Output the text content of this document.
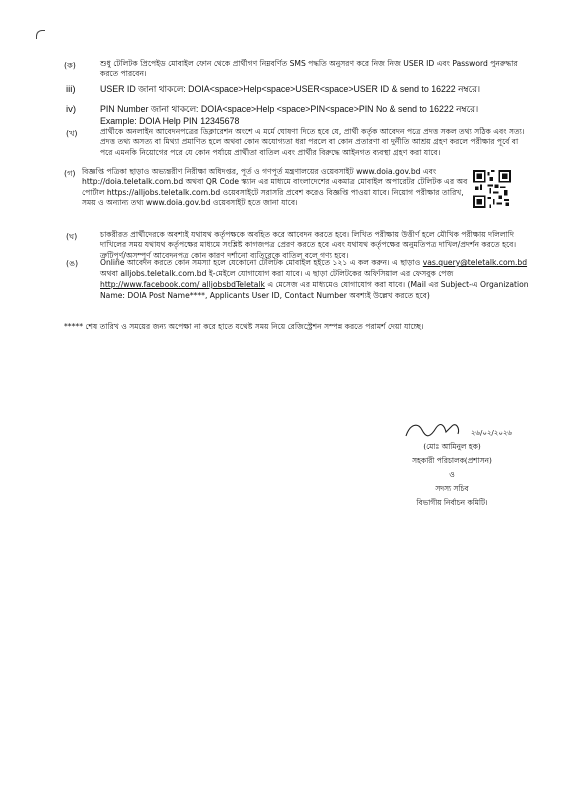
(ক)	শুধু টেলিটক প্রিপেইড মোবাইল ফোন থেকে প্রার্থীগণ নিম্নবর্ণিত SMS পদ্ধতি অনুসরণ করে নিজ নিজ USER ID এবং Password পুনরুদ্ধার করতে পারবেন।
iii)	USER ID জানা থাকলে: DOIA<space>Help<space>USER<space>USER ID & send to 16222 নম্বরে।
iv)	PIN Number জানা থাকলে: DOIA<space>Help <space>PIN<space>PIN No & send to 16222 নম্বরে।
Example: DOIA Help PIN 12345678
(খ)	প্রার্থীকে অনলাইন আবেদনপত্রের ডিক্লারেশন অংশে এ মর্মে ঘোষণা দিতে হবে যে, প্রার্থী কর্তৃক আবেদন পত্রে প্রদত্ত সকল তথ্য সঠিক এবং সত্য। প্রদত্ত তথ্য অসত্য বা মিথ্যা প্রমাণিত হলে অথবা কোন অযোগ্যতা ধরা পরলে বা কোন প্রতারণা বা দুর্নীতি আশ্রয় গ্রহণ করলে পরীক্ষার পূর্বে বা পরে এমনকি নিয়োগের পরে যে কোন পর্যায়ে প্রার্থীতা বাতিল এবং প্রার্থীর বিরুদ্ধে আইনগত ব্যবস্থা গ্রহণ করা যাবে।
(গ) বিজ্ঞপ্তি পত্রিকা ছাড়াও অভ্যন্তরীণ নিরীক্ষা অধিদপ্তর, পূর্ত ও গণপূর্ত মন্ত্রণালয়ের ওয়েবসাইট www.doia.gov.bd এবং http://doia.teletalk.com.bd অথবা QR Code স্ক্যান এর মাধ্যমে বাংলাদেশের একমাত্র মোবাইল অপারেটর টেলিটক এর অব পোর্টাল https://alljobs.teletalk.com.bd ওয়েবসাইটে সরাসরি প্রবেশ করেও বিজ্ঞপ্তি পাওয়া যাবে। নিয়োগ পরীক্ষার তারিখ, সময় ও অন্যান্য তথ্য www.doia.gov.bd ওয়েবসাইট হতে জানা যাবে।
(ঘ)	চাকরীরত প্রার্থীদেরকে অবশ্যই যথাযথ কর্তৃপক্ষকে অবহিত করে আবেদন করতে হবে। লিখিত পরীক্ষায় উত্তীর্ণ হলে মৌখিক পরীক্ষায় দলিলাদি দাখিলের সময় যথাযথ কর্তৃপক্ষের মাধ্যমে সংশ্লিষ্ট কাগজপত্র প্রেরণ করতে হবে এবং যথাযথ কর্তৃপক্ষের অনুমতিপত্র দাখিল/প্রদর্শন করতে হবে। ত্রুটিপূর্ণ/অসম্পূর্ণ আবেদনপত্র কোন কারণ দর্শানো ব্যতিরেকে বাতিল বলে গণ্য হবে।
(ঙ)	Online আবেদন করতে কোন সমস্যা হলে যেকোনো টেলিটক মোবাইল হইতে ১২১ এ কল করুন। এ ছাড়াও vas.query@teletalk.com.bd অথবা alljobs.teletalk.com.bd ই-মেইলে যোগাযোগ করা যাবে। এ ছাড়া টেলিটকের অফিসিয়াল এর ফেসবুক পেজ http://www.facebook.com/ alljobsbdTeletalk এ মেসেজ এর মাধ্যমেও যোগাযোগ করা যাবে। (Mail এর Subject-এ Organization Name: DOIA Post Name****, Applicants User ID, Contact Number অবশ্যই উল্লেখ করতে হবে)
***** শেষ তারিখ ও সময়ের জন্য অপেক্ষা না করে হাতে যথেষ্ট সময় নিয়ে রেজিস্ট্রেশন সম্পন্ন করতে পরামর্শ দেয়া যাচ্ছে।
২৬/০২/২০২৬
(মোঃ আমিনুল হক)
সহকারী পরিচালক(প্রশাসন)
ও
সদস্য সচিব
বিভাগীয় নির্বাচন কমিটি।
